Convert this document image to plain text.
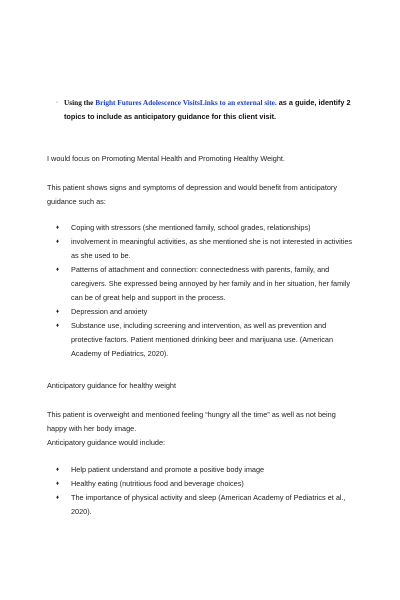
◦ Using the Bright Futures Adolescence VisitsLinks to an external site. as a guide, identify 2 topics to include as anticipatory guidance for this client visit.

I would focus on Promoting Mental Health and Promoting Healthy Weight.

This patient shows signs and symptoms of depression and would benefit from anticipatory guidance such as:

♦ Coping with stressors (she mentioned family, school grades, relationships)
♦ involvement in meaningful activities, as she mentioned she is not interested in activities as she used to be.
♦ Patterns of attachment and connection: connectedness with parents, family, and caregivers. She expressed being annoyed by her family and in her situation, her family can be of great help and support in the process.
♦ Depression and anxiety
♦ Substance use, including screening and intervention, as well as prevention and protective factors. Patient mentioned drinking beer and marijuana use. (American Academy of Pediatrics, 2020).

Anticipatory guidance for healthy weight

This patient is overweight and mentioned feeling “hungry all the time” as well as not being happy with her body image.

Anticipatory guidance would include:

♦ Help patient understand and promote a positive body image
♦ Healthy eating (nutritious food and beverage choices)
♦ The importance of physical activity and sleep (American Academy of Pediatrics et al., 2020).
